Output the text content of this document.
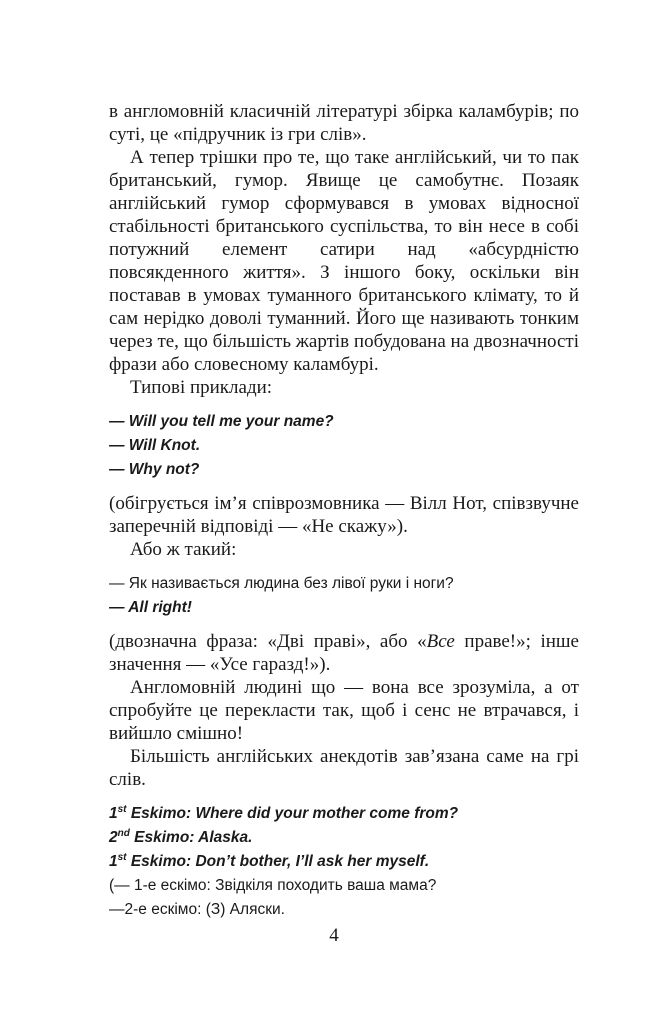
в англомовній класичній літературі збірка каламбурів; по суті, це «підручник із гри слів».

А тепер трішки про те, що таке англійський, чи то пак британський, гумор. Явище це самобутнє. Позаяк англійський гумор сформувався в умовах відносної стабільності британського суспільства, то він несе в собі потужний елемент сатири над «абсурдністю повсякденного життя». З іншого боку, оскільки він поставав в умовах туманного британського клімату, то й сам нерідко доволі туманний. Його ще називають тонким через те, що більшість жартів побудована на двозначності фрази або словесному каламбурі.

Типові приклади:

— Will you tell me your name?

— Will Knot.

— Why not?

(обігрується ім’я співрозмовника — Вілл Нот, співзвучне заперечній відповіді — «Не скажу»).

Або ж такий:

— Як називається людина без лівої руки і ноги?

— All right!

(двозначна фраза: «Дві праві», або «Все праве!»; інше значення — «Усе гаразд!»).

Англомовній людині що — вона все зрозуміла, а от спробуйте це перекласти так, щоб і сенс не втрачався, і вийшло смішно!

Більшість англійських анекдотів зав’язана саме на грі слів.

1st Eskimo: Where did your mother come from?

2nd Eskimo: Alaska.

1st Eskimo: Don’t bother, I’ll ask her myself.

(— 1-е ескімо: Звідкіля походить ваша мама?

—2-е ескімо: (З) Аляски.

4
